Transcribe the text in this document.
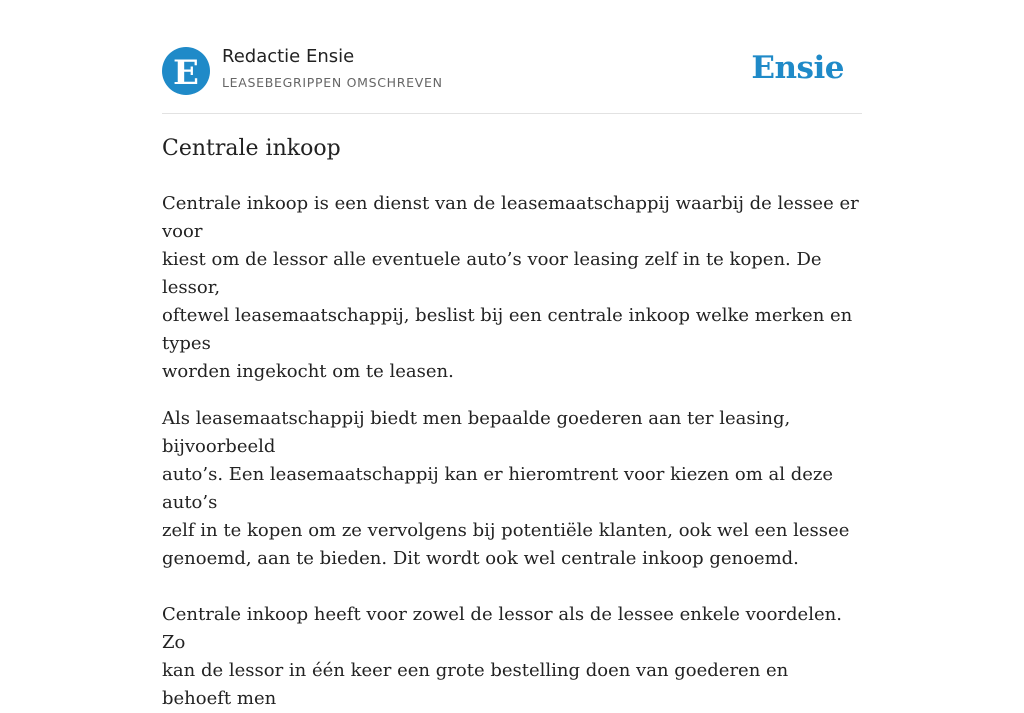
E Redactie Ensie
LEASEBEGRIPPEN OMSCHREVEN	Ensie
Centrale inkoop

Centrale inkoop is een dienst van de leasemaatschappij waarbij de lessee er voor
kiest om de lessor alle eventuele auto’s voor leasing zelf in te kopen. De lessor,
oftewel leasemaatschappij, beslist bij een centrale inkoop welke merken en types
worden ingekocht om te leasen.

Als leasemaatschappij biedt men bepaalde goederen aan ter leasing, bijvoorbeeld
auto’s. Een leasemaatschappij kan er hieromtrent voor kiezen om al deze auto’s
zelf in te kopen om ze vervolgens bij potentiële klanten, ook wel een lessee
genoemd, aan te bieden. Dit wordt ook wel centrale inkoop genoemd.

Centrale inkoop heeft voor zowel de lessor als de lessee enkele voordelen. Zo
kan de lessor in één keer een grote bestelling doen van goederen en behoeft men
